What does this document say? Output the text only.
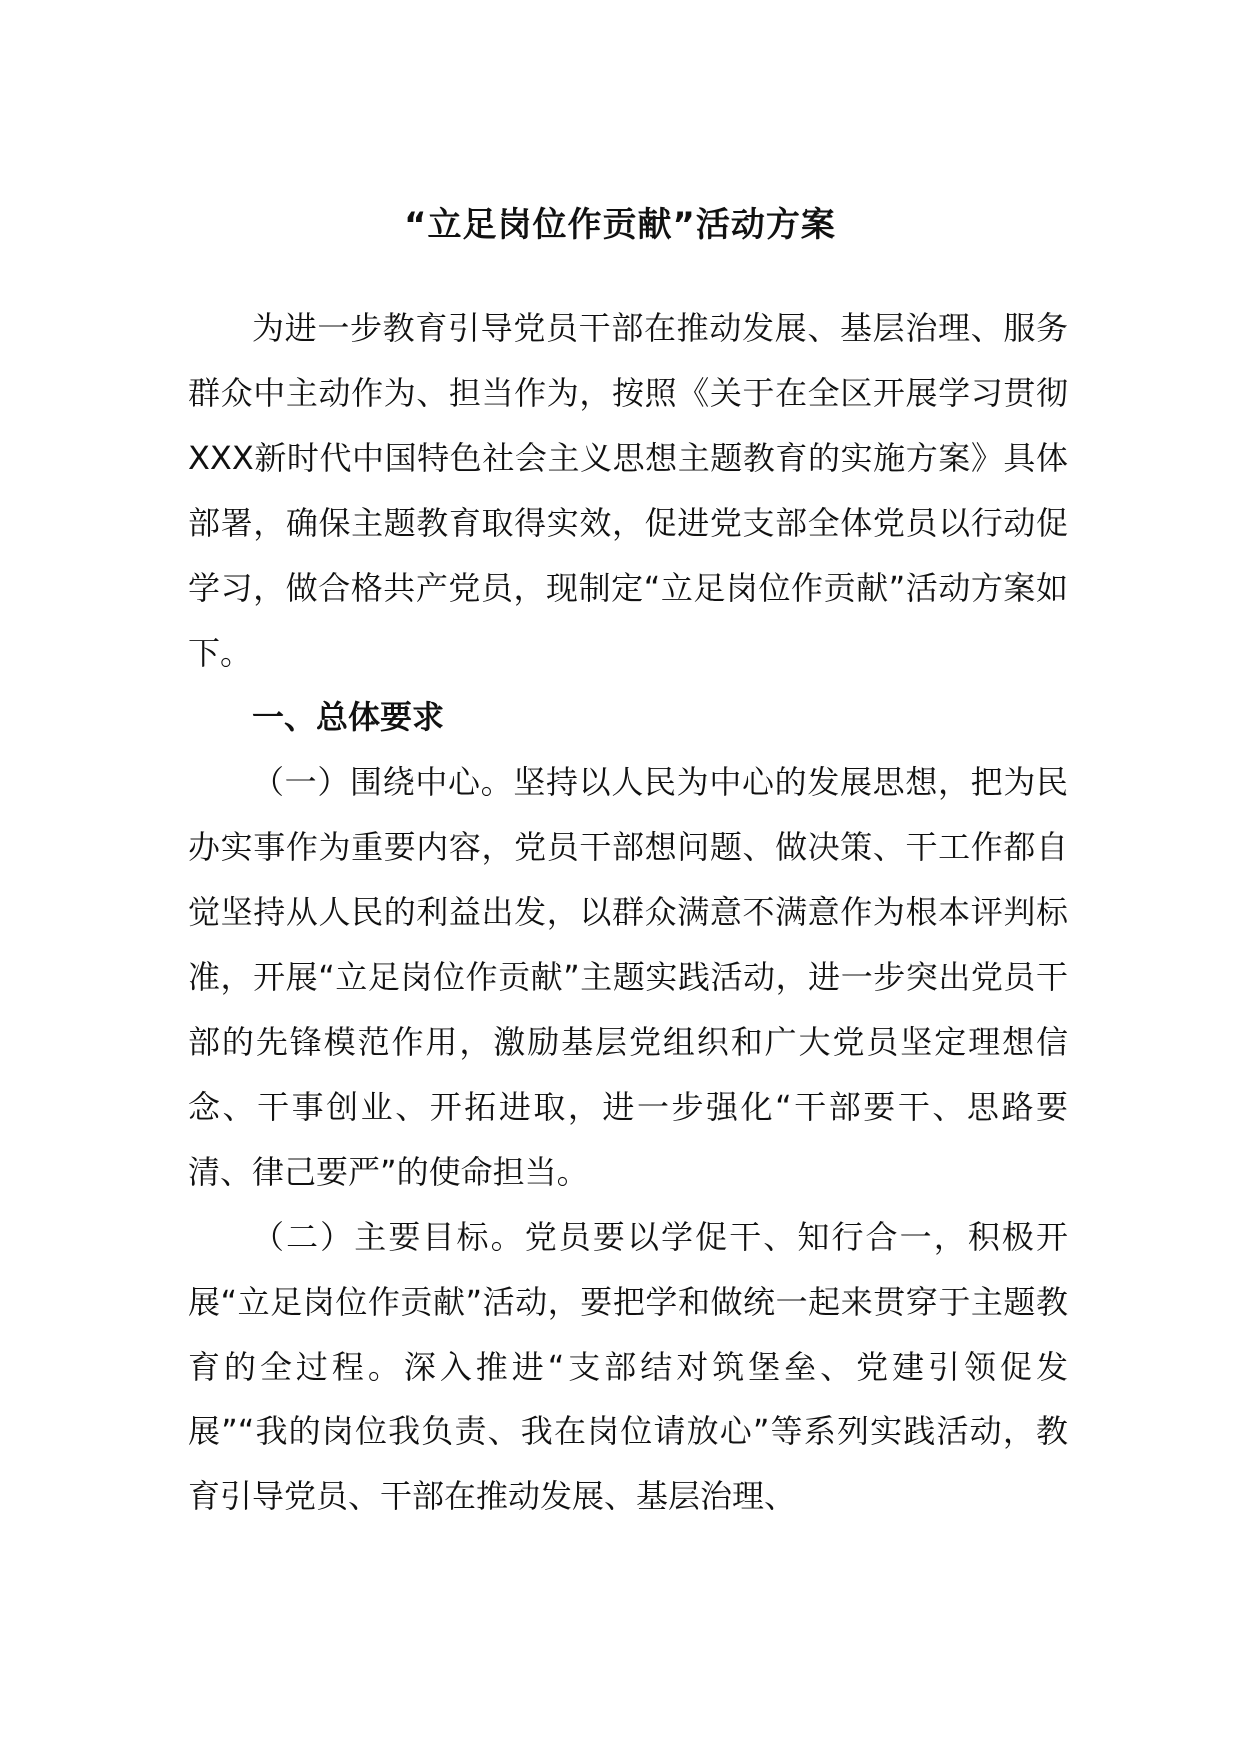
“立足岗位作贡献”活动方案

为进一步教育引导党员干部在推动发展、基层治理、服务群众中主动作为、担当作为，按照《关于在全区开展学习贯彻XXX新时代中国特色社会主义思想主题教育的实施方案》具体部署，确保主题教育取得实效，促进党支部全体党员以行动促学习，做合格共产党员，现制定“立足岗位作贡献”活动方案如下。

一、总体要求

（一）围绕中心。坚持以人民为中心的发展思想，把为民办实事作为重要内容，党员干部想问题、做决策、干工作都自觉坚持从人民的利益出发，以群众满意不满意作为根本评判标准，开展“立足岗位作贡献”主题实践活动，进一步突出党员干部的先锋模范作用，激励基层党组织和广大党员坚定理想信念、干事创业、开拓进取，进一步强化“干部要干、思路要清、律己要严”的使命担当。

（二）主要目标。党员要以学促干、知行合一，积极开展“立足岗位作贡献”活动，要把学和做统一起来贯穿于主题教育的全过程。深入推进“支部结对筑堡垒、党建引领促发展”“我的岗位我负责、我在岗位请放心”等系列实践活动，教育引导党员、干部在推动发展、基层治理、
